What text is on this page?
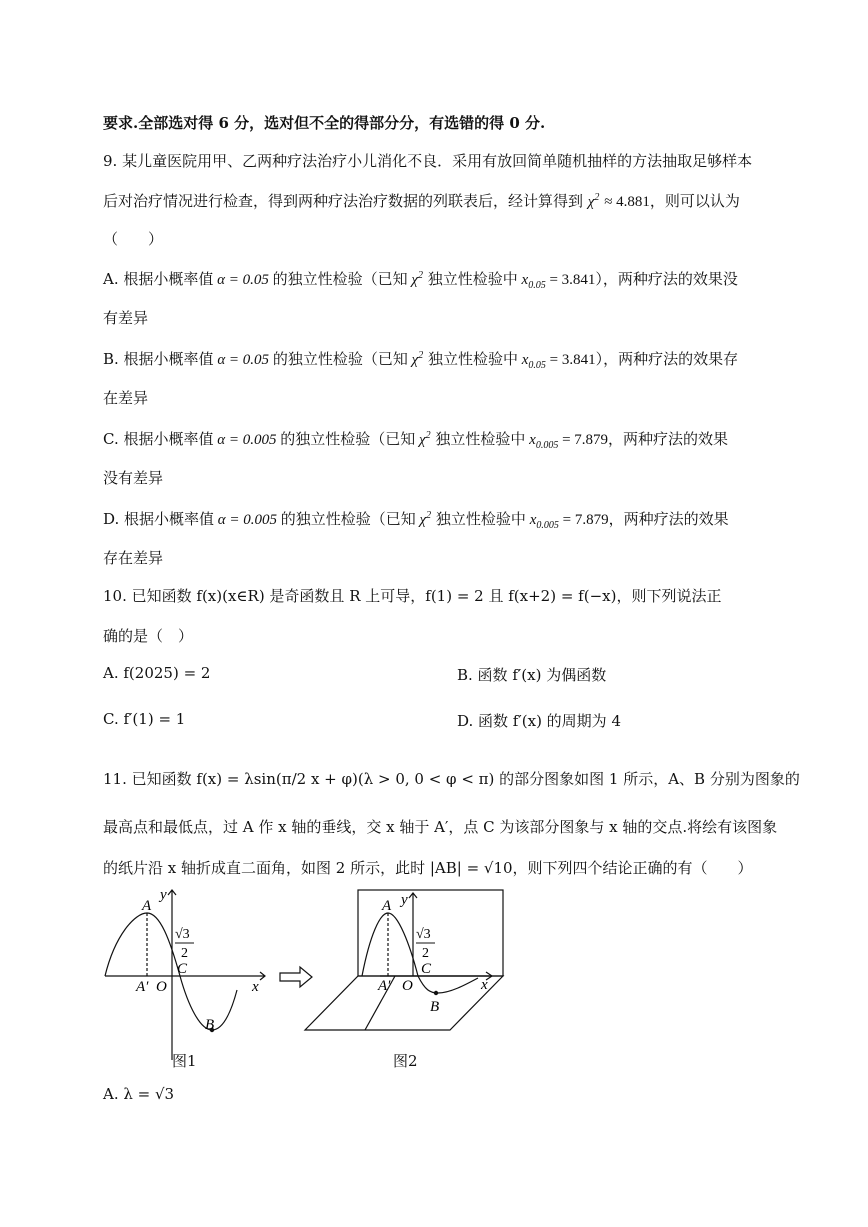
要求.全部选对得 6 分，选对但不全的得部分分，有选错的得 0 分.
9. 某儿童医院用甲、乙两种疗法治疗小儿消化不良．采用有放回简单随机抽样的方法抽取足够样本
后对治疗情况进行检查，得到两种疗法治疗数据的列联表后，经计算得到 $\chi^2 \approx 4.881$，则可以认为
（　　）
A. 根据小概率值 α = 0.05 的独立性检验（已知 $\chi^2$ 独立性检验中 $x_{0.05} = 3.841$），两种疗法的效果没
有差异
B. 根据小概率值 α = 0.05 的独立性检验（已知 $\chi^2$ 独立性检验中 $x_{0.05} = 3.841$），两种疗法的效果存
在差异
C. 根据小概率值 α = 0.005 的独立性检验（已知 $\chi^2$ 独立性检验中 $x_{0.005} = 7.879$，两种疗法的效果
没有差异
D. 根据小概率值 α = 0.005 的独立性检验（已知 $\chi^2$ 独立性检验中 $x_{0.005} = 7.879$，两种疗法的效果
存在差异
10. 已知函数 f(x)(x∈R) 是奇函数且 R 上可导，f(1) = 2 且 f(x+2) = f(−x)，则下列说法正
确的是（　）
A. f(2025) = 2	B. 函数 f′(x) 为偶函数
C. f′(1) = 1	D. 函数 f′(x) 的周期为 4
11. 已知函数 f(x) = λsin(π/2 x + φ)(λ > 0, 0 < φ < π) 的部分图象如图 1 所示，A、B 分别为图象的
最高点和最低点，过 A 作 x 轴的垂线，交 x 轴于 A′，点 C 为该部分图象与 x 轴的交点.将绘有该图象
的纸片沿 x 轴折成直二面角，如图 2 所示，此时 |AB| = √10，则下列四个结论正确的有（　　）
A
B
C
O
A′	x
y
√3
2
A
B
C
O
A′	x
y
√3
2
图1	图2
A. λ = √3
